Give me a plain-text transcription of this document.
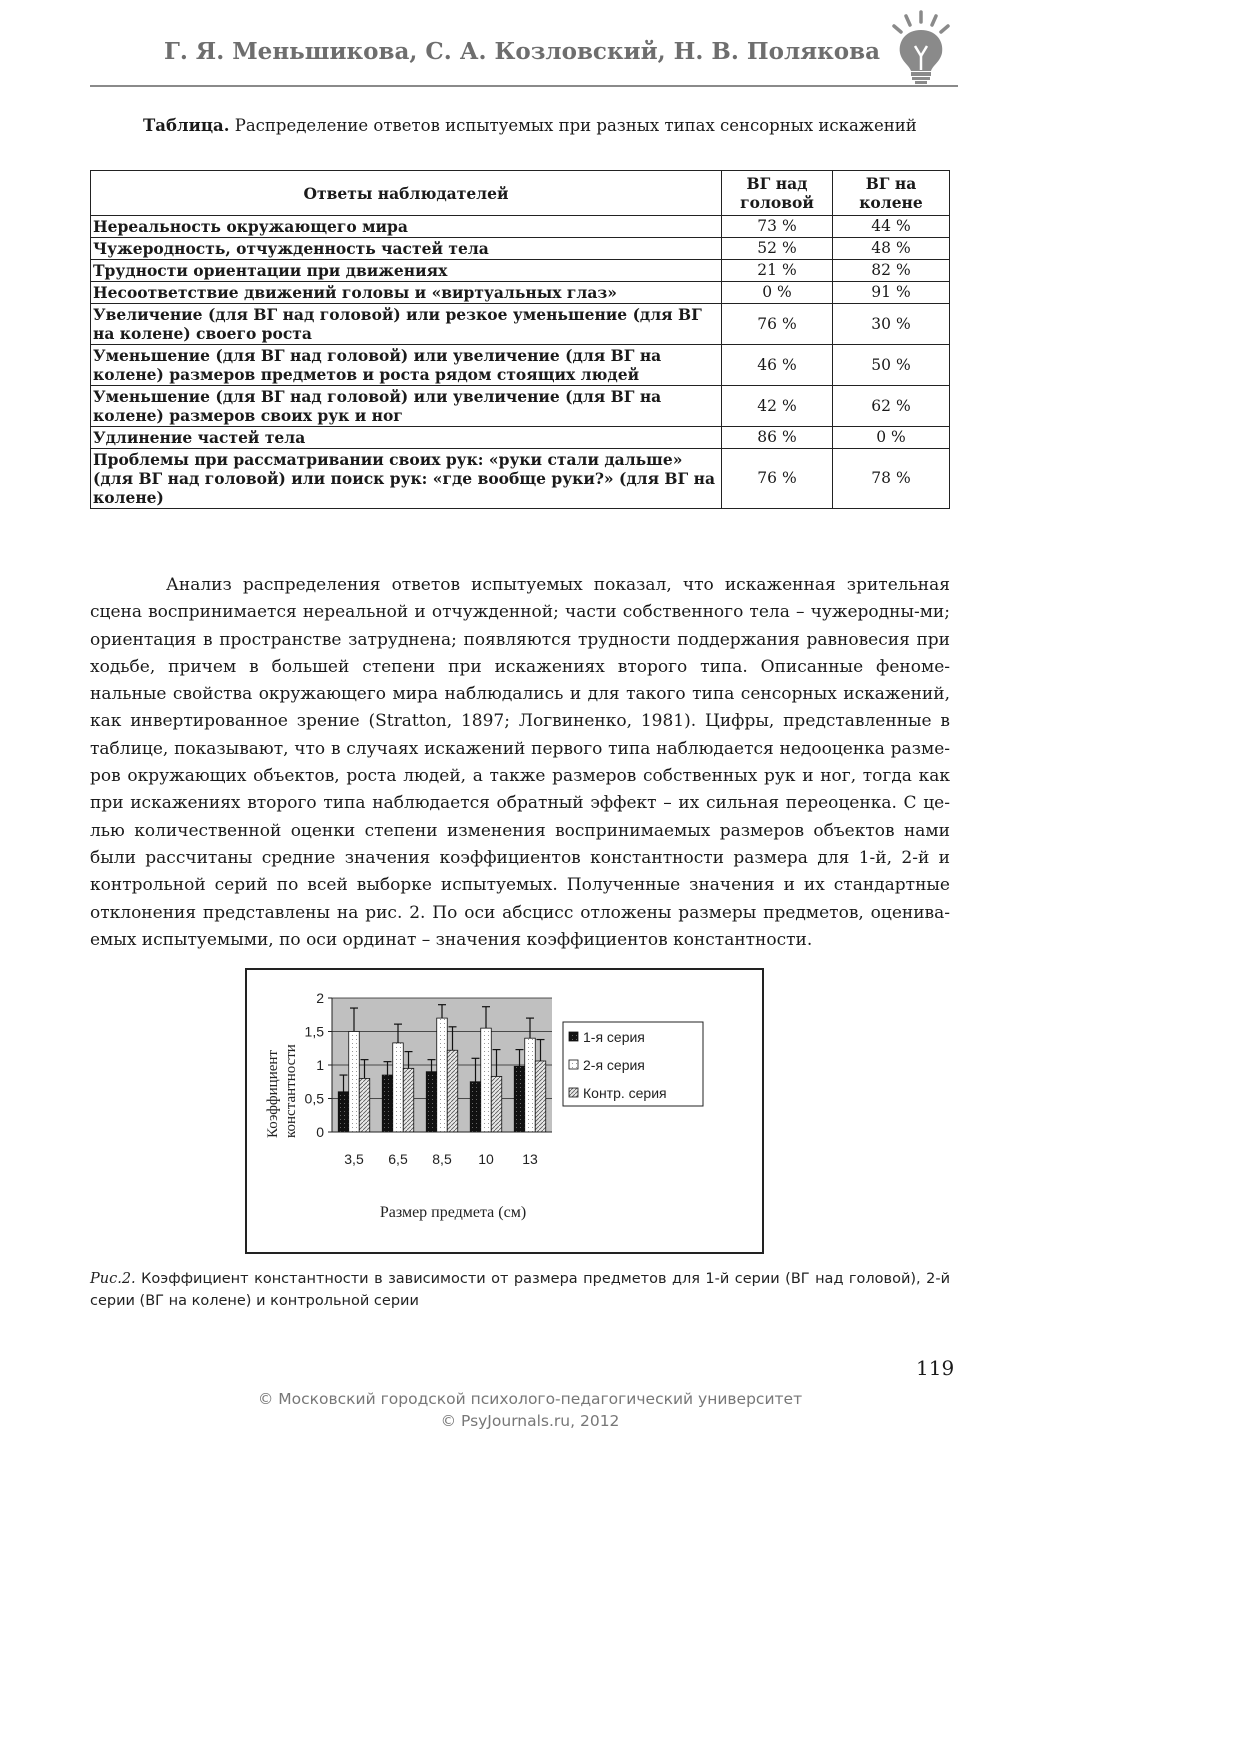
Г. Я. Меньшикова, С. А. Козловский, Н. В. Полякова
Таблица. Распределение ответов испытуемых при разных типах сенсорных искажений
Ответы наблюдателей	ВГ над головой	ВГ на колене
Нереальность окружающего мира	73 %	44 %
Чужеродность, отчужденность частей тела	52 %	48 %
Трудности ориентации при движениях	21 %	82 %
Несоответствие движений головы и «виртуальных глаз»	0 %	91 %
Увеличение (для ВГ над головой) или резкое уменьшение (для ВГ на колене) своего роста	76 %	30 %
Уменьшение (для ВГ над головой) или увеличение (для ВГ на колене) размеров предметов и роста рядом стоящих людей	46 %	50 %
Уменьшение (для ВГ над головой) или увеличение (для ВГ на колене) размеров своих рук и ног	42 %	62 %
Удлинение частей тела	86 %	0 %
Проблемы при рассматривании своих рук: «руки стали дальше» (для ВГ над головой) или поиск рук: «где вообще руки?» (для ВГ на колене)	76 %	78 %
Анализ распределения ответов испытуемых показал, что искаженная зрительная сцена воспринимается нереальной и отчужденной; части собственного тела – чужеродны-ми; ориентация в пространстве затруднена; появляются трудности поддержания равновесия при ходьбе, причем в большей степени при искажениях второго типа. Описанные феноме-нальные свойства окружающего мира наблюдались и для такого типа сенсорных искажений, как инвертированное зрение (Stratton, 1897; Логвиненко, 1981). Цифры, представленные в таблице, показывают, что в случаях искажений первого типа наблюдается недооценка разме-ров окружающих объектов, роста людей, а также размеров собственных рук и ног, тогда как при искажениях второго типа наблюдается обратный эффект – их сильная переоценка. С це-лью количественной оценки степени изменения воспринимаемых размеров объектов нами были рассчитаны средние значения коэффициентов константности размера для 1-й, 2-й и контрольной серий по всей выборке испытуемых. Полученные значения и их стандартные отклонения представлены на рис. 2. По оси абсцисс отложены размеры предметов, оценива-емых испытуемыми, по оси ординат – значения коэффициентов константности.
0
0,5
1
1,5
2
3,5 6,5 8,5 10 13
Коэффициент константности
Размер предмета (см)
1-я серия
2-я серия
Контр. серия
Рис.2. Коэффициент константности в зависимости от размера предметов для 1-й серии (ВГ над головой), 2-й серии (ВГ на колене) и контрольной серии
119
© Московский городской психолого-педагогический университет
© PsyJournals.ru, 2012
